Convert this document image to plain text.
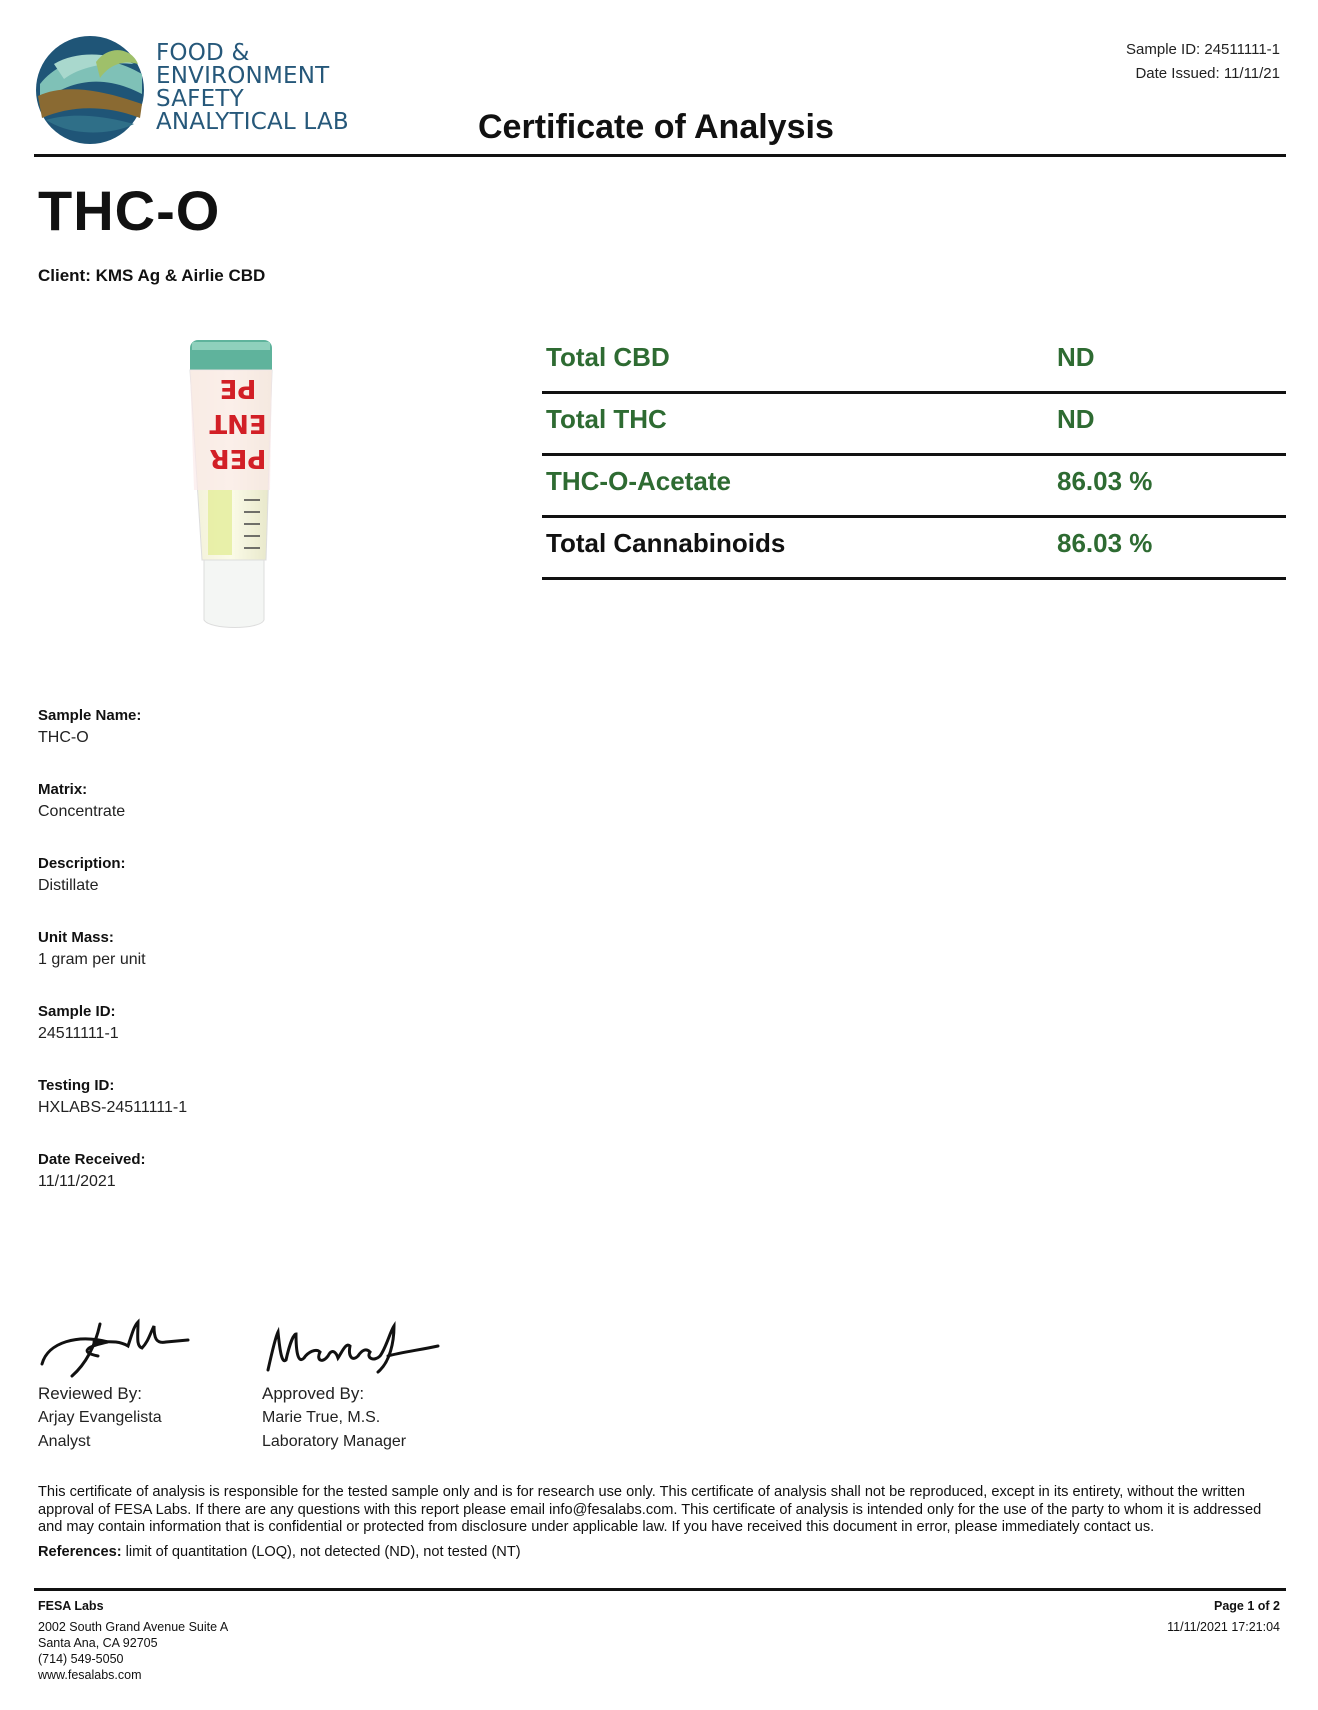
FOOD &
ENVIRONMENT
SAFETY
ANALYTICAL LAB	Certificate of Analysis
Sample ID: 24511111-1
Date Issued: 11/11/21
THC-O
Client: KMS Ag & Airlie CBD
PE
ENT
PER
Total CBD	ND
Total THC	ND
THC-O-Acetate	86.03 %
Total Cannabinoids	86.03 %
Sample Name:
THC-O
Matrix:
Concentrate
Description:
Distillate
Unit Mass:
1 gram per unit
Sample ID:
24511111-1
Testing ID:
HXLABS-24511111-1
Date Received:
11/11/2021
Reviewed By:
Arjay Evangelista
Analyst
Approved By:
Marie True, M.S.
Laboratory Manager
This certificate of analysis is responsible for the tested sample only and is for research use only. This certificate of analysis shall not be reproduced, except in its entirety, without the written approval of FESA Labs. If there are any questions with this report please email info@fesalabs.com. This certificate of analysis is intended only for the use of the party to whom it is addressed and may contain information that is confidential or protected from disclosure under applicable law. If you have received this document in error, please immediately contact us.
References: limit of quantitation (LOQ), not detected (ND), not tested (NT)
FESA Labs
2002 South Grand Avenue Suite A
Santa Ana, CA 92705
(714) 549-5050
www.fesalabs.com
Page 1 of 2
11/11/2021 17:21:04
